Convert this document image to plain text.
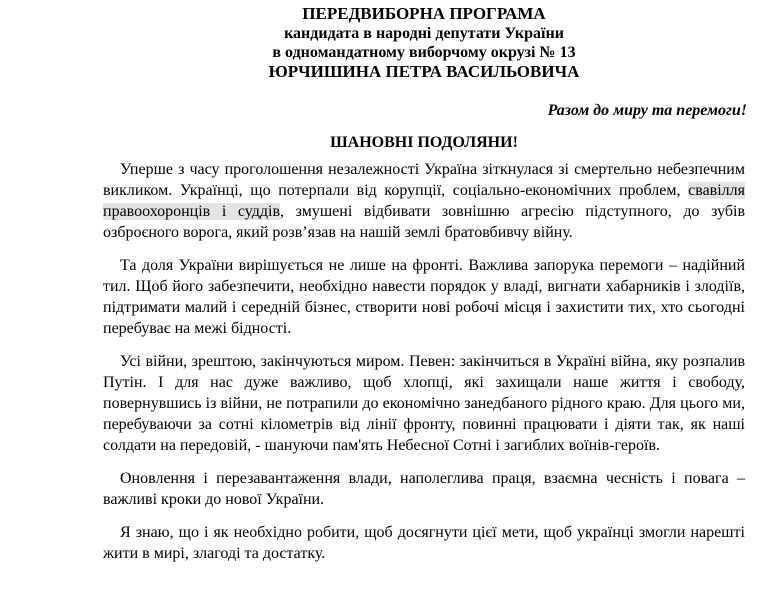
ПЕРЕДВИБОРНА ПРОГРАМА
кандидата в народні депутати України
в одномандатному виборчому окрузі № 13
ЮРЧИШИНА ПЕТРА ВАСИЛЬОВИЧА
Разом до миру та перемоги!
ШАНОВНІ ПОДОЛЯНИ!

Уперше з часу проголошення незалежності Україна зіткнулася зі смертельно небезпечним викликом. Українці, що потерпали від корупції, соціально-економічних проблем, свавілля правоохоронців і суддів, змушені відбивати зовнішню агресію підступного, до зубів озброєного ворога, який розв’язав на нашій землі братовбивчу війну.

Та доля України вирішується не лише на фронті. Важлива запорука перемоги – надійний тил. Щоб його забезпечити, необхідно навести порядок у владі, вигнати хабарників і злодіїв, підтримати малий і середній бізнес, створити нові робочі місця і захистити тих, хто сьогодні перебуває на межі бідності.

Усі війни, зрештою, закінчуються миром. Певен: закінчиться в Україні війна, яку розпалив Путін. І для нас дуже важливо, щоб хлопці, які захищали наше життя і свободу, повернувшись із війни, не потрапили до економічно занедбаного рідного краю. Для цього ми, перебуваючи за сотні кілометрів від лінії фронту, повинні працювати і діяти так, як наші солдати на передовій, - шануючи пам'ять Небесної Сотні і загиблих воїнів-героїв.

Оновлення і перезавантаження влади, наполеглива праця, взаємна чесність і повага – важливі кроки до нової України.

Я знаю, що і як необхідно робити, щоб досягнути цієї мети, щоб українці змогли нарешті жити в мирі, злагоді та достатку.
